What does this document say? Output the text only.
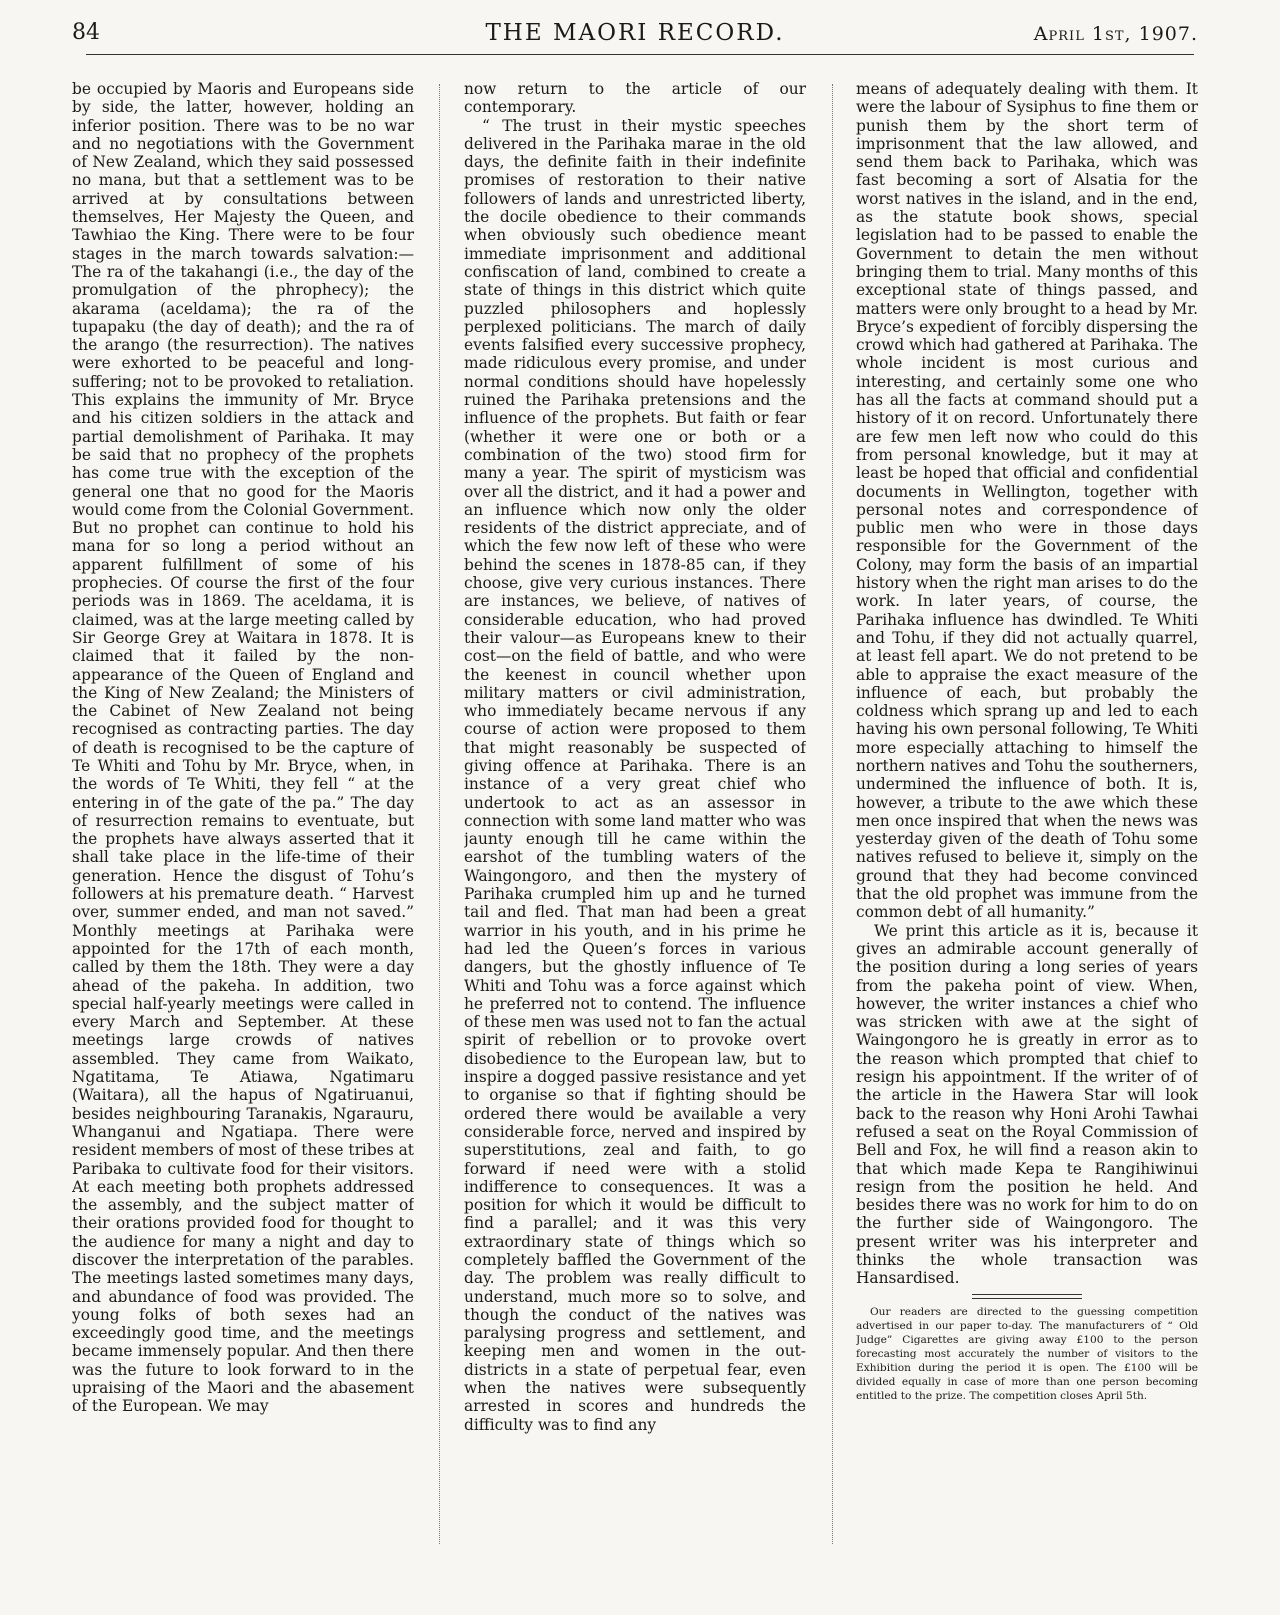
84	THE MAORI RECORD.	April 1st, 1907.

be occupied by Maoris and Europeans side by side, the latter, however, holding an inferior position. There was to be no war and no negotiations with the Government of New Zealand, which they said possessed no mana, but that a settlement was to be arrived at by consultations between themselves, Her Majesty the Queen, and Tawhiao the King. There were to be four stages in the march towards salvation:—The ra of the takahangi (i.e., the day of the promulgation of the phrophecy); the akarama (aceldama); the ra of the tupapaku (the day of death); and the ra of the arango (the resurrection). The natives were exhorted to be peaceful and long-suffering; not to be provoked to retaliation. This explains the immunity of Mr. Bryce and his citizen soldiers in the attack and partial demolishment of Parihaka. It may be said that no prophecy of the prophets has come true with the exception of the general one that no good for the Maoris would come from the Colonial Government. But no prophet can continue to hold his mana for so long a period without an apparent fulfillment of some of his prophecies. Of course the first of the four periods was in 1869. The aceldama, it is claimed, was at the large meeting called by Sir George Grey at Waitara in 1878. It is claimed that it failed by the non-appearance of the Queen of England and the King of New Zealand; the Ministers of the Cabinet of New Zealand not being recognised as contracting parties. The day of death is recognised to be the capture of Te Whiti and Tohu by Mr. Bryce, when, in the words of Te Whiti, they fell “ at the entering in of the gate of the pa.” The day of resurrection remains to eventuate, but the prophets have always asserted that it shall take place in the life-time of their generation. Hence the disgust of Tohu’s followers at his premature death. “ Harvest over, summer ended, and man not saved.” Monthly meetings at Parihaka were appointed for the 17th of each month, called by them the 18th. They were a day ahead of the pakeha. In addition, two special half-yearly meetings were called in every March and September. At these meetings large crowds of natives assembled. They came from Waikato, Ngatitama, Te Atiawa, Ngatimaru (Waitara), all the hapus of Ngatiruanui, besides neighbouring Taranakis, Ngarauru, Whanganui and Ngatiapa. There were resident members of most of these tribes at Paribaka to cultivate food for their visitors. At each meeting both prophets addressed the assembly, and the subject matter of their orations provided food for thought to the audience for many a night and day to discover the interpretation of the parables. The meetings lasted sometimes many days, and abundance of food was provided. The young folks of both sexes had an exceedingly good time, and the meetings became immensely popular. And then there was the future to look forward to in the upraising of the Maori and the abasement of the European. We may

now return to the article of our contemporary.

“ The trust in their mystic speeches delivered in the Parihaka marae in the old days, the definite faith in their indefinite promises of restoration to their native followers of lands and unrestricted liberty, the docile obedience to their commands when obviously such obedience meant immediate imprisonment and additional confiscation of land, combined to create a state of things in this district which quite puzzled philosophers and hoplessly perplexed politicians. The march of daily events falsified every successive prophecy, made ridiculous every promise, and under normal conditions should have hopelessly ruined the Parihaka pretensions and the influence of the prophets. But faith or fear (whether it were one or both or a combination of the two) stood firm for many a year. The spirit of mysticism was over all the district, and it had a power and an influence which now only the older residents of the district appreciate, and of which the few now left of these who were behind the scenes in 1878-85 can, if they choose, give very curious instances. There are instances, we believe, of natives of considerable education, who had proved their valour—as Europeans knew to their cost—on the field of battle, and who were the keenest in council whether upon military matters or civil administration, who immediately became nervous if any course of action were proposed to them that might reasonably be suspected of giving offence at Parihaka. There is an instance of a very great chief who undertook to act as an assessor in connection with some land matter who was jaunty enough till he came within the earshot of the tumbling waters of the Waingongoro, and then the mystery of Parihaka crumpled him up and he turned tail and fled. That man had been a great warrior in his youth, and in his prime he had led the Queen’s forces in various dangers, but the ghostly influence of Te Whiti and Tohu was a force against which he preferred not to contend. The influence of these men was used not to fan the actual spirit of rebellion or to provoke overt disobedience to the European law, but to inspire a dogged passive resistance and yet to organise so that if fighting should be ordered there would be available a very considerable force, nerved and inspired by superstitutions, zeal and faith, to go forward if need were with a stolid indifference to consequences. It was a position for which it would be difficult to find a parallel; and it was this very extraordinary state of things which so completely baffled the Government of the day. The problem was really difficult to understand, much more so to solve, and though the conduct of the natives was paralysing progress and settlement, and keeping men and women in the out-districts in a state of perpetual fear, even when the natives were subsequently arrested in scores and hundreds the difficulty was to find any

means of adequately dealing with them. It were the labour of Sysiphus to fine them or punish them by the short term of imprisonment that the law allowed, and send them back to Parihaka, which was fast becoming a sort of Alsatia for the worst natives in the island, and in the end, as the statute book shows, special legislation had to be passed to enable the Government to detain the men without bringing them to trial. Many months of this exceptional state of things passed, and matters were only brought to a head by Mr. Bryce’s expedient of forcibly dispersing the crowd which had gathered at Parihaka. The whole incident is most curious and interesting, and certainly some one who has all the facts at command should put a history of it on record. Unfortunately there are few men left now who could do this from personal knowledge, but it may at least be hoped that official and confidential documents in Wellington, together with personal notes and correspondence of public men who were in those days responsible for the Government of the Colony, may form the basis of an impartial history when the right man arises to do the work. In later years, of course, the Parihaka influence has dwindled. Te Whiti and Tohu, if they did not actually quarrel, at least fell apart. We do not pretend to be able to appraise the exact measure of the influence of each, but probably the coldness which sprang up and led to each having his own personal following, Te Whiti more especially attaching to himself the northern natives and Tohu the southerners, undermined the influence of both. It is, however, a tribute to the awe which these men once inspired that when the news was yesterday given of the death of Tohu some natives refused to believe it, simply on the ground that they had become convinced that the old prophet was immune from the common debt of all humanity.”

We print this article as it is, because it gives an admirable account generally of the position during a long series of years from the pakeha point of view. When, however, the writer instances a chief who was stricken with awe at the sight of Waingongoro he is greatly in error as to the reason which prompted that chief to resign his appointment. If the writer of of the article in the Hawera Star will look back to the reason why Honi Arohi Tawhai refused a seat on the Royal Commission of Bell and Fox, he will find a reason akin to that which made Kepa te Rangihiwinui resign from the position he held. And besides there was no work for him to do on the further side of Waingongoro. The present writer was his interpreter and thinks the whole transaction was Hansardised.

Our readers are directed to the guessing competition advertised in our paper to-day. The manufacturers of “ Old Judge” Cigarettes are giving away £100 to the person forecasting most accurately the number of visitors to the Exhibition during the period it is open. The £100 will be divided equally in case of more than one person becoming entitled to the prize. The competition closes April 5th.
